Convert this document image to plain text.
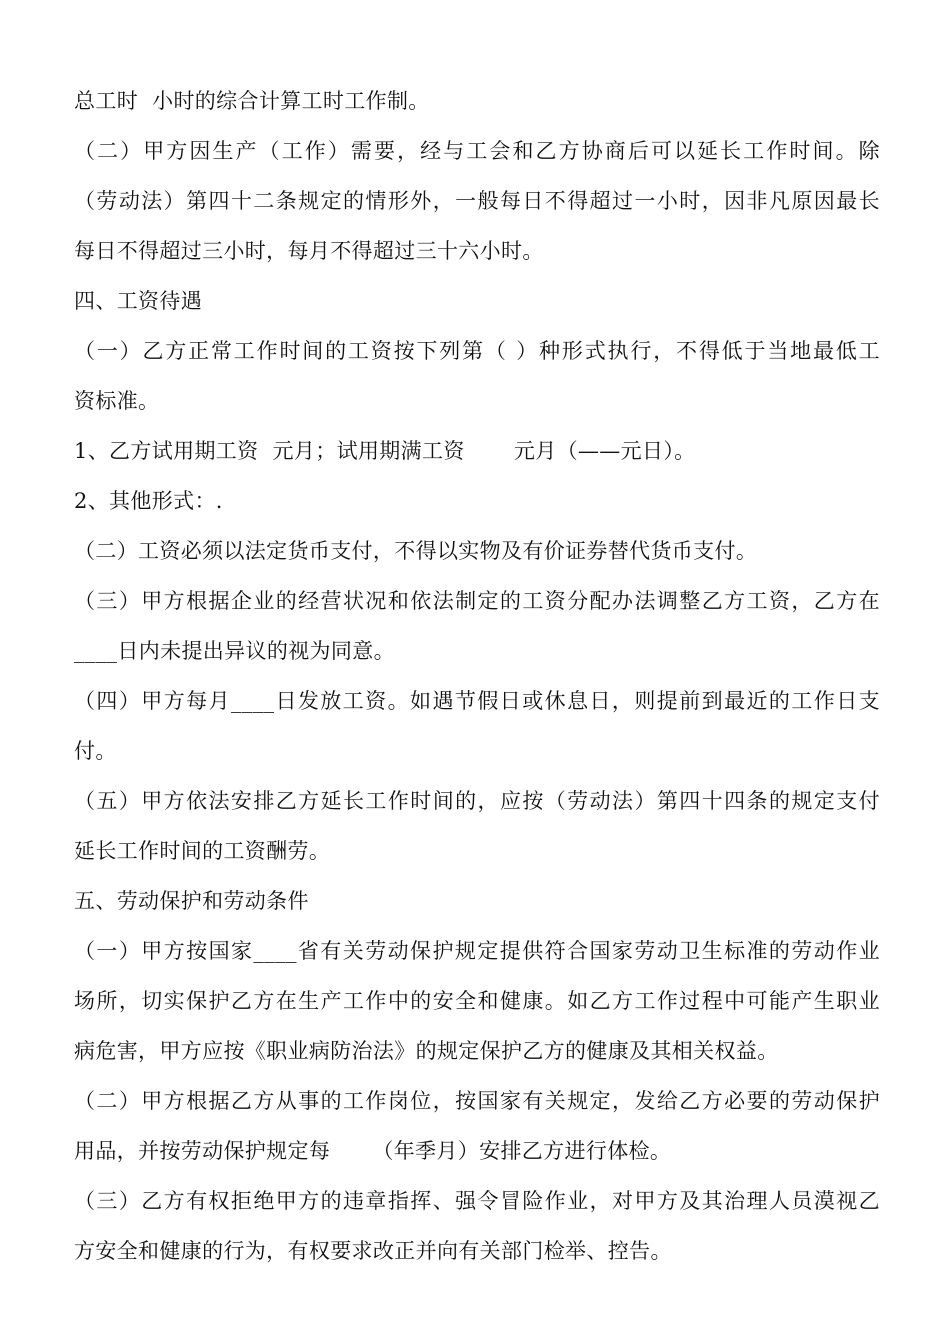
总工时  小时的综合计算工时工作制。
（二）甲方因生产（工作）需要，经与工会和乙方协商后可以延长工作时间。除
（劳动法）第四十二条规定的情形外，一般每日不得超过一小时，因非凡原因最长
每日不得超过三小时，每月不得超过三十六小时。
四、工资待遇
（一）乙方正常工作时间的工资按下列第（ ）种形式执行，不得低于当地最低工
资标准。
1、乙方试用期工资  元月；试用期满工资       元月（——元日）。
2、其他形式：.
（二）工资必须以法定货币支付，不得以实物及有价证券替代货币支付。
（三）甲方根据企业的经营状况和依法制定的工资分配办法调整乙方工资，乙方在
____日内未提出异议的视为同意。
（四）甲方每月____日发放工资。如遇节假日或休息日，则提前到最近的工作日支
付。
（五）甲方依法安排乙方延长工作时间的，应按（劳动法）第四十四条的规定支付
延长工作时间的工资酬劳。
五、劳动保护和劳动条件
（一）甲方按国家____省有关劳动保护规定提供符合国家劳动卫生标准的劳动作业
场所，切实保护乙方在生产工作中的安全和健康。如乙方工作过程中可能产生职业
病危害，甲方应按《职业病防治法》的规定保护乙方的健康及其相关权益。
（二）甲方根据乙方从事的工作岗位，按国家有关规定，发给乙方必要的劳动保护
用品，并按劳动保护规定每      （年季月）安排乙方进行体检。
（三）乙方有权拒绝甲方的违章指挥、强令冒险作业，对甲方及其治理人员漠视乙
方安全和健康的行为，有权要求改正并向有关部门检举、控告。
